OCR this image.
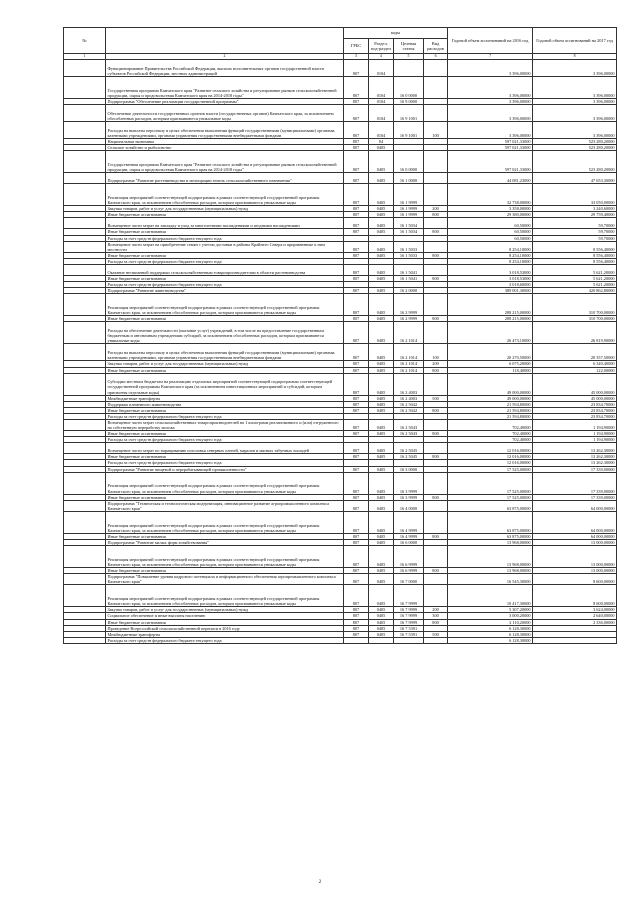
№		коды				Годовой объем ассигнований на 2016 год	Годовой объем ассигнований на 2017 год
		ГРБС	Раздел, под-раздел	Целевая статья	Вид расходов		
1	2	3	4	5	6	7	8
	Функционирование Правительства Российской Федерации, высших исполнительных органов государственной власти субъектов Российской Федерации, местных администраций	807	0104			3 396,00000	3 396,00000
	Государственная программа Камчатского края "Развитие сельского хозяйства и регулирование рынков сельскохозяйственной продукции, сырья и продовольствия Камчатского края на 2014-2018 годы"	807	0104	16 0 0000		3 396,00000	3 396,00000
	Подпрограмма "Обеспечение реализации государственной программы"	807	0104	16 9 0000		3 396,00000	3 396,00000
	Обеспечение деятельности государственных органов власти (государственных органов) Камчатского края, за исключением обособленных расходов, которым присваиваются уникальные коды	807	0104	16 9 1001		3 396,00000	3 396,00000
	Расходы на выплаты персоналу в целях обеспечения выполнения функций государственными (муниципальными) органами, казенными учреждениями, органами управления государственными внебюджетными фондами	807	0104	16 9 1001	100	3 396,00000	3 396,00000
	Национальная экономика	807	04			597 021,33000	523 280,20000
	Сельское хозяйство и рыболовство	807	0405			597 021,33000	523 280,20000
	Государственная программа Камчатского края "Развитие сельского хозяйства и регулирование рынков сельскохозяйственной продукции, сырья и продовольствия Камчатского края на 2014-2018 годы"	807	0405	16 0 0000		597 021,33000	523 280,20000
	Подпрограмма "Развитие растениеводства и мелиорации земель сельскохозяйственного назначения"	807	0405	16 1 0000		44 081,23000	47 653,30000
	Реализация мероприятий соответствующей подпрограммы в рамках соответствующей государственной программы Камчатского края, за исключением обособленных расходов, которым присваиваются уникальные коды	807	0405	16 1 9999		32 738,00000	33 050,00000
	Закупка товаров, работ и услуг для государственных (муниципальных) нужд	807	0405	16 1 9999	200	3 358,00000	3 240,60000
	Иные бюджетные ассигнования	807	0405	16 1 9999	800	29 380,00000	29 759,40000
	Возмещение части затрат на закладку и уход за многолетними насаждениями и ягодными насаждениями	807	0405	16 1 5034		60,50000	59,70000
	Иные бюджетные ассигнования	807	0405	16 1 5034	800	60,50000	59,70000
	Расходы за счет средств федерального бюджета текущего года					60,50000	59,70000
	Возмещение части затрат на приобретение семян с учетом доставки в районы Крайнего Севера и приравненные к ним местности	807	0405	16 1 5033		8 254,10000	8 556,40000
	Иные бюджетные ассигнования	807	0405	16 1 5033	800	8 254,10000	8 556,40000
	Расходы за счет средств федерального бюджета текущего года					8 254,10000	8 556,40000
	Оказание несвязанной поддержки сельскохозяйственным товаропроизводителям в области растениеводства	807	0405	16 1 5041		3 018,53000	5 621,20000
	Иные бюджетные ассигнования	807	0405	16 1 5041	800	3 018,53000	5 621,20000
	Расходы за счет средств федерального бюджета текущего года					3 018,60000	5 621,20000
	Подпрограмма "Развитие животноводства"	807	0405	16 2 0000		389 001,30000	420 862,80000
	Реализация мероприятий соответствующей подпрограммы в рамках соответствующей государственной программы Камчатского края, за исключением обособленных расходов, которым присваиваются уникальные коды	807	0405	16 2 9999		288 215,00000	310 700,00000
	Иные бюджетные ассигнования	807	0405	16 2 9999	800	288 215,00000	310 700,00000
	Расходы на обеспечение деятельности (оказание услуг) учреждений, в том числе на предоставление государственным бюджетным и автономным учреждениям субсидий, за исключением обособленных расходов, которым присваиваются уникальные коды	807	0405	16 2 1014		26 473,10000	26 819,90000
	Расходы на выплаты персоналу в целях обеспечения выполнения функций государственными (муниципальными) органами, казенными учреждениями, органами управления государственными внебюджетными фондами	807	0405	16 2 1014	100	20 270,50000	20 357,50000
	Закупка товаров, работ и услуг для государственных (муниципальных) нужд	807	0405	16 2 1014	200	6 075,20000	6 340,40000
	Иные бюджетные ассигнования	807	0405	16 2 1014	800	118,40000	122,00000
	Субсидии местным бюджетам на реализацию отдельных мероприятий соответствующей подпрограммы соответствующей государственной программы Камчатского края (за исключением инвестиционных мероприятий и субсидий, которым присвоены отдельные коды)	807	0405	16 2 4003		49 000,00000	45 000,00000
	Межбюджетные трансферты	807	0405	16 2 4003	500	49 000,00000	45 000,00000
	Поддержка племенного животноводства	807	0405	16 2 5042		21 594,80000	23 834,70000
	Иные бюджетные ассигнования	807	0405	16 2 5042	800	21 594,80000	23 834,70000
	Расходы за счет средств федерального бюджета текущего года					21 594,80000	23 834,70000
	Возмещение части затрат сельскохозяйственных товаропроизводителей на 1 килограмм реализованного и (или) отгруженного на собственную переработку молока	807	0405	16 2 5043		702,40000	1 194,90000
	Иные бюджетные ассигнования	807	0405	16 2 5043	800	702,40000	1 194,90000
	Расходы за счет средств федерального бюджета текущего года					702,40000	1 194,90000
	Возмещение части затрат по наращиванию поголовья северных оленей, маралов и мясных табунных лошадей	807	0405	16 2 5045		12 016,00000	13 262,30000
	Иные бюджетные ассигнования	807	0405	16 2 5045	800	12 016,00000	13 262,30000
	Расходы за счет средств федерального бюджета текущего года					12 016,00000	13 262,30000
	Подпрограмма "Развитие пищевой и перерабатывающей промышленности"	807	0405	16 3 0000		17 525,00000	17 339,00000
	Реализация мероприятий соответствующей подпрограммы в рамках соответствующей государственной программы Камчатского края, за исключением обособленных расходов, которым присваиваются уникальные коды	807	0405	16 3 9999		17 525,00000	17 339,00000
	Иные бюджетные ассигнования	807	0405	16 3 9999	800	17 525,00000	17 339,00000
	Подпрограмма "Техническая и технологическая модернизация, инновационное развитие агропромышленного комплекса Камчатского края"	807	0405	16 4 0000		63 875,00000	64 000,00000
	Реализация мероприятий соответствующей подпрограммы в рамках соответствующей государственной программы Камчатского края, за исключением обособленных расходов, которым присваиваются уникальные коды	807	0405	16 4 9999		63 875,00000	64 000,00000
	Иные бюджетные ассигнования	807	0405	16 4 9999	800	63 875,00000	64 000,00000
	Подпрограмма "Развитие малых форм хозяйствования"	807	0405	16 6 0000		13 968,00000	13 000,00000
	Реализация мероприятий соответствующей подпрограммы в рамках соответствующей государственной программы Камчатского края, за исключением обособленных расходов, которым присваиваются уникальные коды	807	0405	16 6 9999		13 968,00000	13 000,00000
	Иные бюджетные ассигнования	807	0405	16 6 9999	800	13 968,00000	13 000,00000
	Подпрограмма "Повышение уровня кадрового потенциала и информационного обеспечения агропромышленного комплекса Камчатского края"	807	0405	16 7 0000		16 545,30000	8 600,00000
	Реализация мероприятий соответствующей подпрограммы в рамках соответствующей государственной программы Камчатского края, за исключением обособленных расходов, которым присваиваются уникальные коды	807	0405	16 7 9999		10 417,30000	8 600,00000
	Закупка товаров, работ и услуг для государственных (муниципальных) нужд	807	0405	16 7 9999	200	5 307,20000	3 624,00000
	Социальное обеспечение и иные выплаты населению	807	0405	16 7 9999	300	3 000,20000	2 640,00000
	Иные бюджетные ассигнования	807	0405	16 7 9999	800	2 110,20000	2 336,00000
	Проведение Всероссийской сельскохозяйственной переписи в 2016 году	807	0405	16 7 5391		6 128,30000	
	Межбюджетные трансферты	807	0405	16 7 5391	500	6 128,30000	
	Расходы за счет средств федерального бюджета текущего года					6 128,30000	
2
